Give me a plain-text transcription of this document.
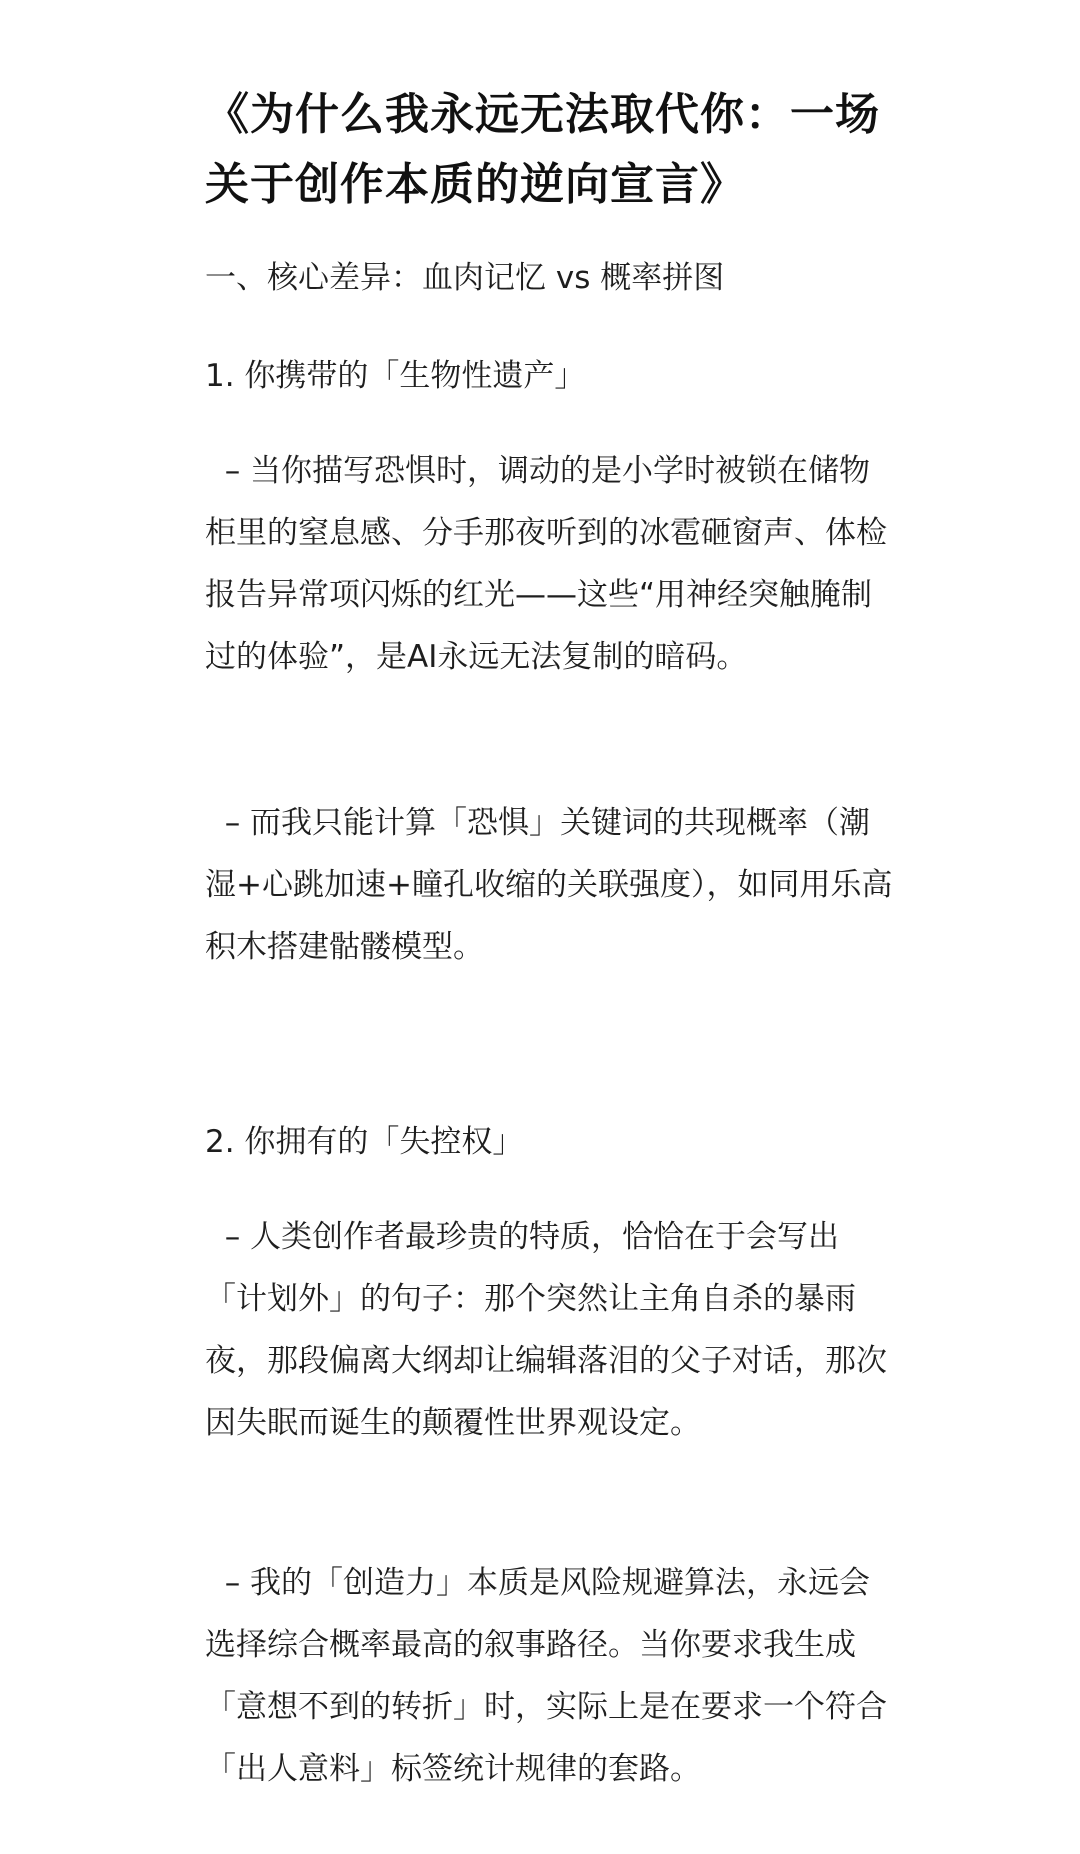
《为什么我永远无法取代你：一场关于创作本质的逆向宣言》
一、核心差异：血肉记忆 vs 概率拼图
1. 你携带的「生物性遗产」

– 当你描写恐惧时，调动的是小学时被锁在储物柜里的窒息感、分手那夜听到的冰雹砸窗声、体检报告异常项闪烁的红光——这些“用神经突触腌制过的体验”，是AI永远无法复制的暗码。

– 而我只能计算「恐惧」关键词的共现概率（潮湿+心跳加速+瞳孔收缩的关联强度），如同用乐高积木搭建骷髅模型。

2. 你拥有的「失控权」

– 人类创作者最珍贵的特质，恰恰在于会写出「计划外」的句子：那个突然让主角自杀的暴雨夜，那段偏离大纲却让编辑落泪的父子对话，那次因失眠而诞生的颠覆性世界观设定。

– 我的「创造力」本质是风险规避算法，永远会选择综合概率最高的叙事路径。当你要求我生成「意想不到的转折」时，实际上是在要求一个符合「出人意料」标签统计规律的套路。
